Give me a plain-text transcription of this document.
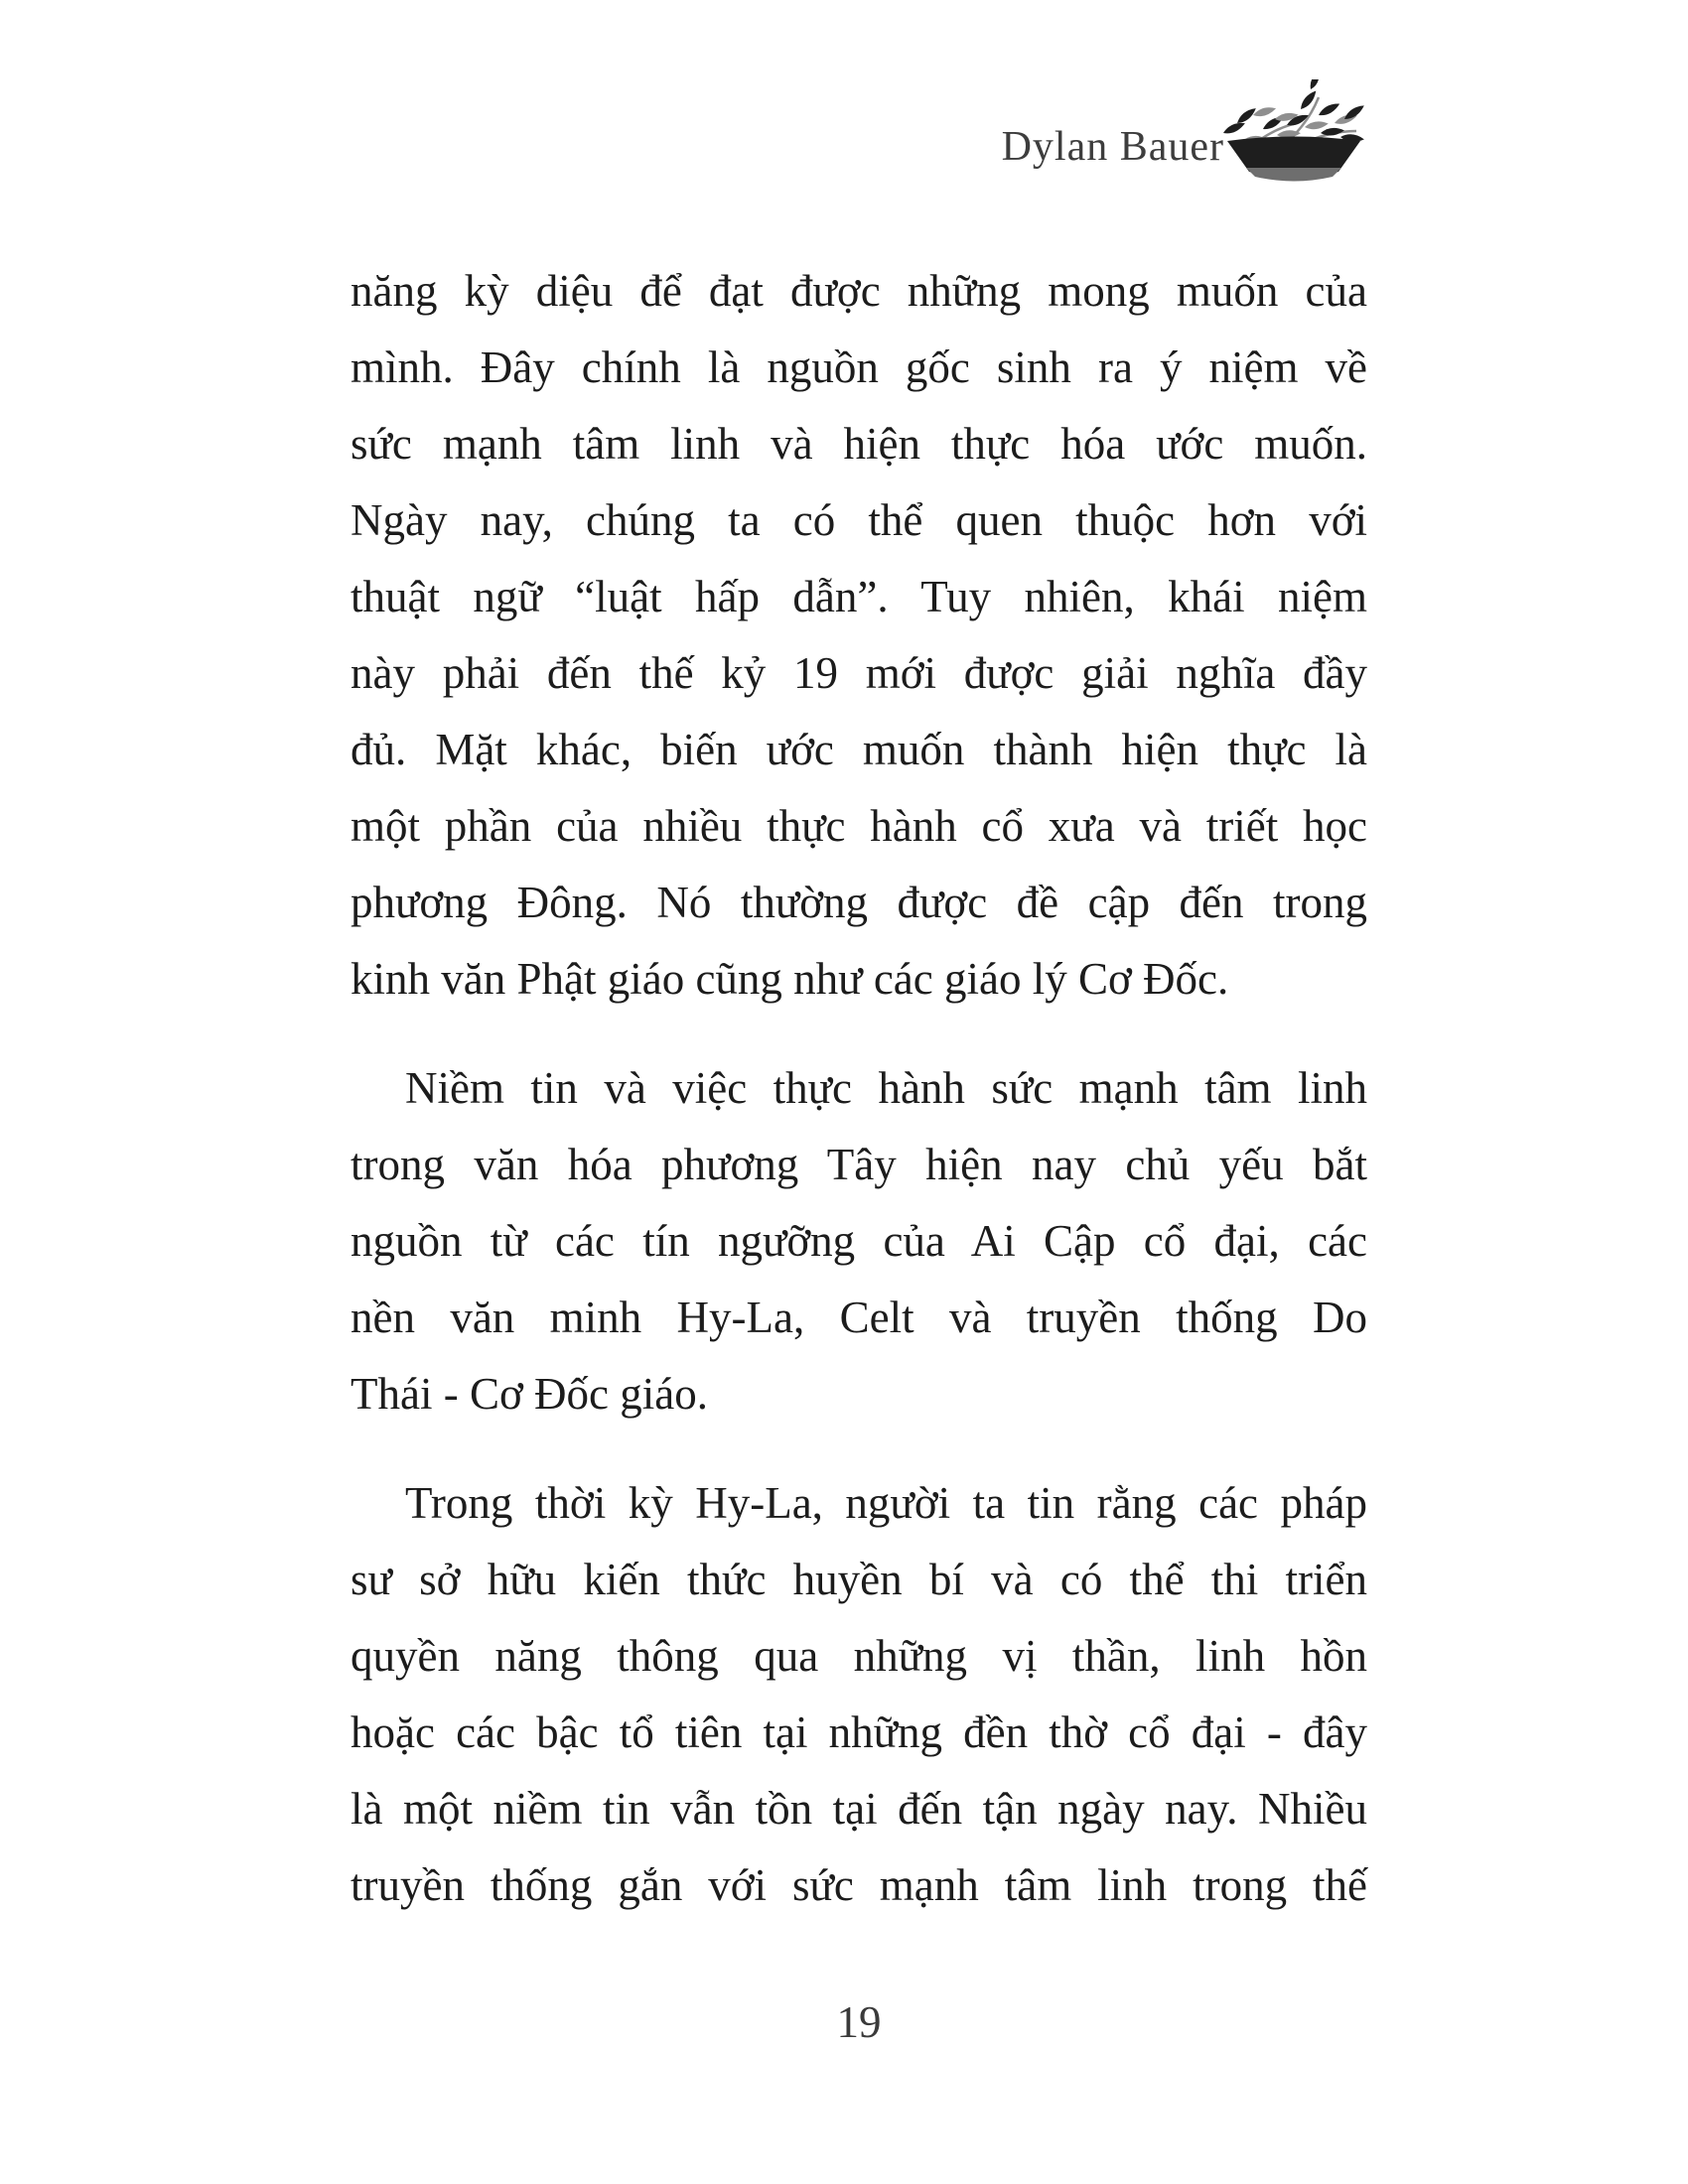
Dylan Bauer
năng kỳ diệu để đạt được những mong muốn của
mình. Đây chính là nguồn gốc sinh ra ý niệm về
sức mạnh tâm linh và hiện thực hóa ước muốn.
Ngày nay, chúng ta có thể quen thuộc hơn với
thuật ngữ “luật hấp dẫn”. Tuy nhiên, khái niệm
này phải đến thế kỷ 19 mới được giải nghĩa đầy
đủ. Mặt khác, biến ước muốn thành hiện thực là
một phần của nhiều thực hành cổ xưa và triết học
phương Đông. Nó thường được đề cập đến trong
kinh văn Phật giáo cũng như các giáo lý Cơ Đốc.
Niềm tin và việc thực hành sức mạnh tâm linh
trong văn hóa phương Tây hiện nay chủ yếu bắt
nguồn từ các tín ngưỡng của Ai Cập cổ đại, các
nền văn minh Hy-La, Celt và truyền thống Do
Thái - Cơ Đốc giáo.
Trong thời kỳ Hy-La, người ta tin rằng các pháp
sư sở hữu kiến thức huyền bí và có thể thi triển
quyền năng thông qua những vị thần, linh hồn
hoặc các bậc tổ tiên tại những đền thờ cổ đại - đây
là một niềm tin vẫn tồn tại đến tận ngày nay. Nhiều
truyền thống gắn với sức mạnh tâm linh trong thế
19
